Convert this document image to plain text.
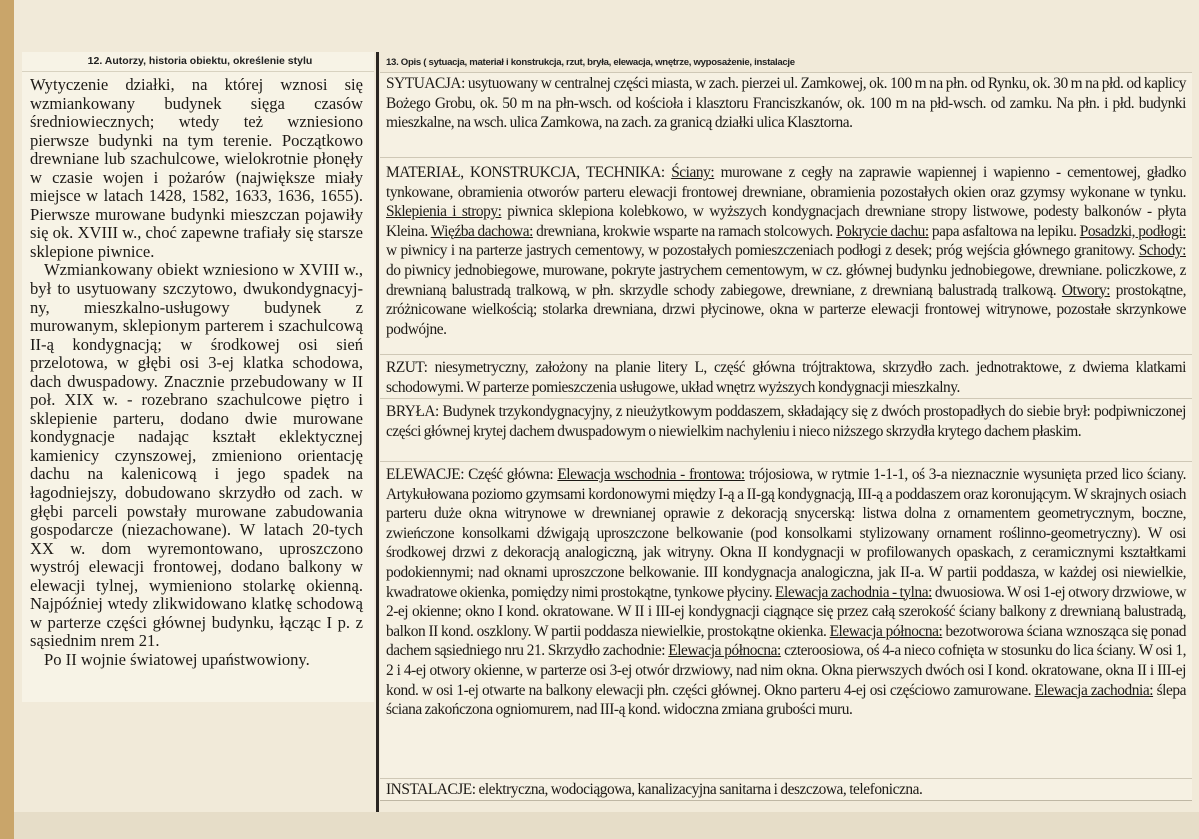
12. Autorzy, historia obiektu, określenie stylu

Wytyczenie działki, na której wznosi się wzmiankowany budynek sięga czasów średniowiecznych; wtedy też wzniesiono pierwsze budynki na tym terenie. Początkowo drewniane lub szachulcowe, wielokrotnie płonęły w czasie wojen i pożarów (największe miały miejsce w latach 1428, 1582, 1633, 1636, 1655). Pierwsze murowane budynki mieszczan pojawiły się ok. XVIII w., choć zapewne trafiały się starsze sklepione piwnice.

Wzmiankowany obiekt wzniesiono w XVIII w., był to usytuowany szczytowo, dwukondygnacyj-ny, mieszkalno-usługowy budynek z murowanym, sklepionym parterem i szachulcową II-ą kondygnacją; w środkowej osi sień przelotowa, w głębi osi 3-ej klatka schodowa, dach dwuspadowy. Znacznie przebudowany w II poł. XIX w. - rozebrano szachulcowe piętro i sklepienie parteru, dodano dwie murowane kondygnacje nadając kształt eklektycznej kamienicy czynszowej, zmieniono orientację dachu na kalenicową i jego spadek na łagodniejszy, dobudowano skrzydło od zach. w głębi parceli powstały murowane zabudowania gospodarcze (niezachowane). W latach 20-tych XX w. dom wyremontowano, uproszczono wystrój elewacji frontowej, dodano balkony w elewacji tylnej, wymieniono stolarkę okienną. Najpóźniej wtedy zlikwidowano klatkę schodową w parterze części głównej budynku, łącząc I p. z sąsiednim nrem 21.

Po II wojnie światowej upaństwowiony.

13. Opis ( sytuacja, materiał i konstrukcja, rzut, bryła, elewacja, wnętrze, wyposażenie, instalacje
SYTUACJA: usytuowany w centralnej części miasta, w zach. pierzei ul. Zamkowej, ok. 100 m na płn. od Rynku, ok. 30 m na płd. od kaplicy Bożego Grobu, ok. 50 m na płn-wsch. od kościoła i klasztoru Franciszkanów, ok. 100 m na płd-wsch. od zamku. Na płn. i płd. budynki mieszkalne, na wsch. ulica Zamkowa, na zach. za granicą działki ulica Klasztorna.
MATERIAŁ, KONSTRUKCJA, TECHNIKA: Ściany: murowane z cegły na zaprawie wapiennej i wapienno - cementowej, gładko tynkowane, obramienia otworów parteru elewacji frontowej drewniane, obramienia pozostałych okien oraz gzymsy wykonane w tynku. Sklepienia i stropy: piwnica sklepiona kolebkowo, w wyższych kondygnacjach drewniane stropy listwowe, podesty balkonów - płyta Kleina. Więźba dachowa: drewniana, krokwie wsparte na ramach stolcowych. Pokrycie dachu: papa asfaltowa na lepiku. Posadzki, podłogi: w piwnicy i na parterze jastrych cementowy, w pozostałych pomieszczeniach podłogi z desek; próg wejścia głównego granitowy. Schody: do piwnicy jednobiegowe, murowane, pokryte jastrychem cementowym, w cz. głównej budynku jednobiegowe, drewniane. policzkowe, z drewnianą balustradą tralkową, w płn. skrzydle schody zabiegowe, drewniane, z drewnianą balustradą tralkową. Otwory: prostokątne, zróżnicowane wielkością; stolarka drewniana, drzwi płycinowe, okna w parterze elewacji frontowej witrynowe, pozostałe skrzynkowe podwójne.
RZUT: niesymetryczny, założony na planie litery L, część główna trójtraktowa, skrzydło zach. jednotraktowe, z dwiema klatkami schodowymi. W parterze pomieszczenia usługowe, układ wnętrz wyższych kondygnacji mieszkalny.
BRYŁA: Budynek trzykondygnacyjny, z nieużytkowym poddaszem, składający się z dwóch prostopadłych do siebie brył: podpiwniczonej części głównej krytej dachem dwuspadowym o niewielkim nachyleniu i nieco niższego skrzydła krytego dachem płaskim.
ELEWACJE: Część główna: Elewacja wschodnia - frontowa: trójosiowa, w rytmie 1-1-1, oś 3-a nieznacznie wysunięta przed lico ściany. Artykułowana poziomo gzymsami kordonowymi między I-ą a II-gą kondygnacją, III-ą a poddaszem oraz koronującym. W skrajnych osiach parteru duże okna witrynowe w drewnianej oprawie z dekoracją snycerską: listwa dolna z ornamentem geometrycznym, boczne, zwieńczone konsolkami dźwigają uproszczone belkowanie (pod konsolkami stylizowany ornament roślinno-geometryczny). W osi środkowej drzwi z dekoracją analogiczną, jak witryny. Okna II kondygnacji w profilowanych opaskach, z ceramicznymi kształtkami podokiennymi; nad oknami uproszczone belkowanie. III kondygnacja analogiczna, jak II-a. W partii poddasza, w każdej osi niewielkie, kwadratowe okienka, pomiędzy nimi prostokątne, tynkowe płyciny. Elewacja zachodnia - tylna: dwuosiowa. W osi 1-ej otwory drzwiowe, w 2-ej okienne; okno I kond. okratowane. W II i III-ej kondygnacji ciągnące się przez całą szerokość ściany balkony z drewnianą balustradą, balkon II kond. oszklony. W partii poddasza niewielkie, prostokątne okienka. Elewacja północna: bezotworowa ściana wznosząca się ponad dachem sąsiedniego nru 21. Skrzydło zachodnie: Elewacja północna: czteroosiowa, oś 4-a nieco cofnięta w stosunku do lica ściany. W osi 1, 2 i 4-ej otwory okienne, w parterze osi 3-ej otwór drzwiowy, nad nim okna. Okna pierwszych dwóch osi I kond. okratowane, okna II i III-ej kond. w osi 1-ej otwarte na balkony elewacji płn. części głównej. Okno parteru 4-ej osi częściowo zamurowane. Elewacja zachodnia: ślepa ściana zakończona ogniomurem, nad III-ą kond. widoczna zmiana grubości muru.
INSTALACJE: elektryczna, wodociągowa, kanalizacyjna sanitarna i deszczowa, telefoniczna.
